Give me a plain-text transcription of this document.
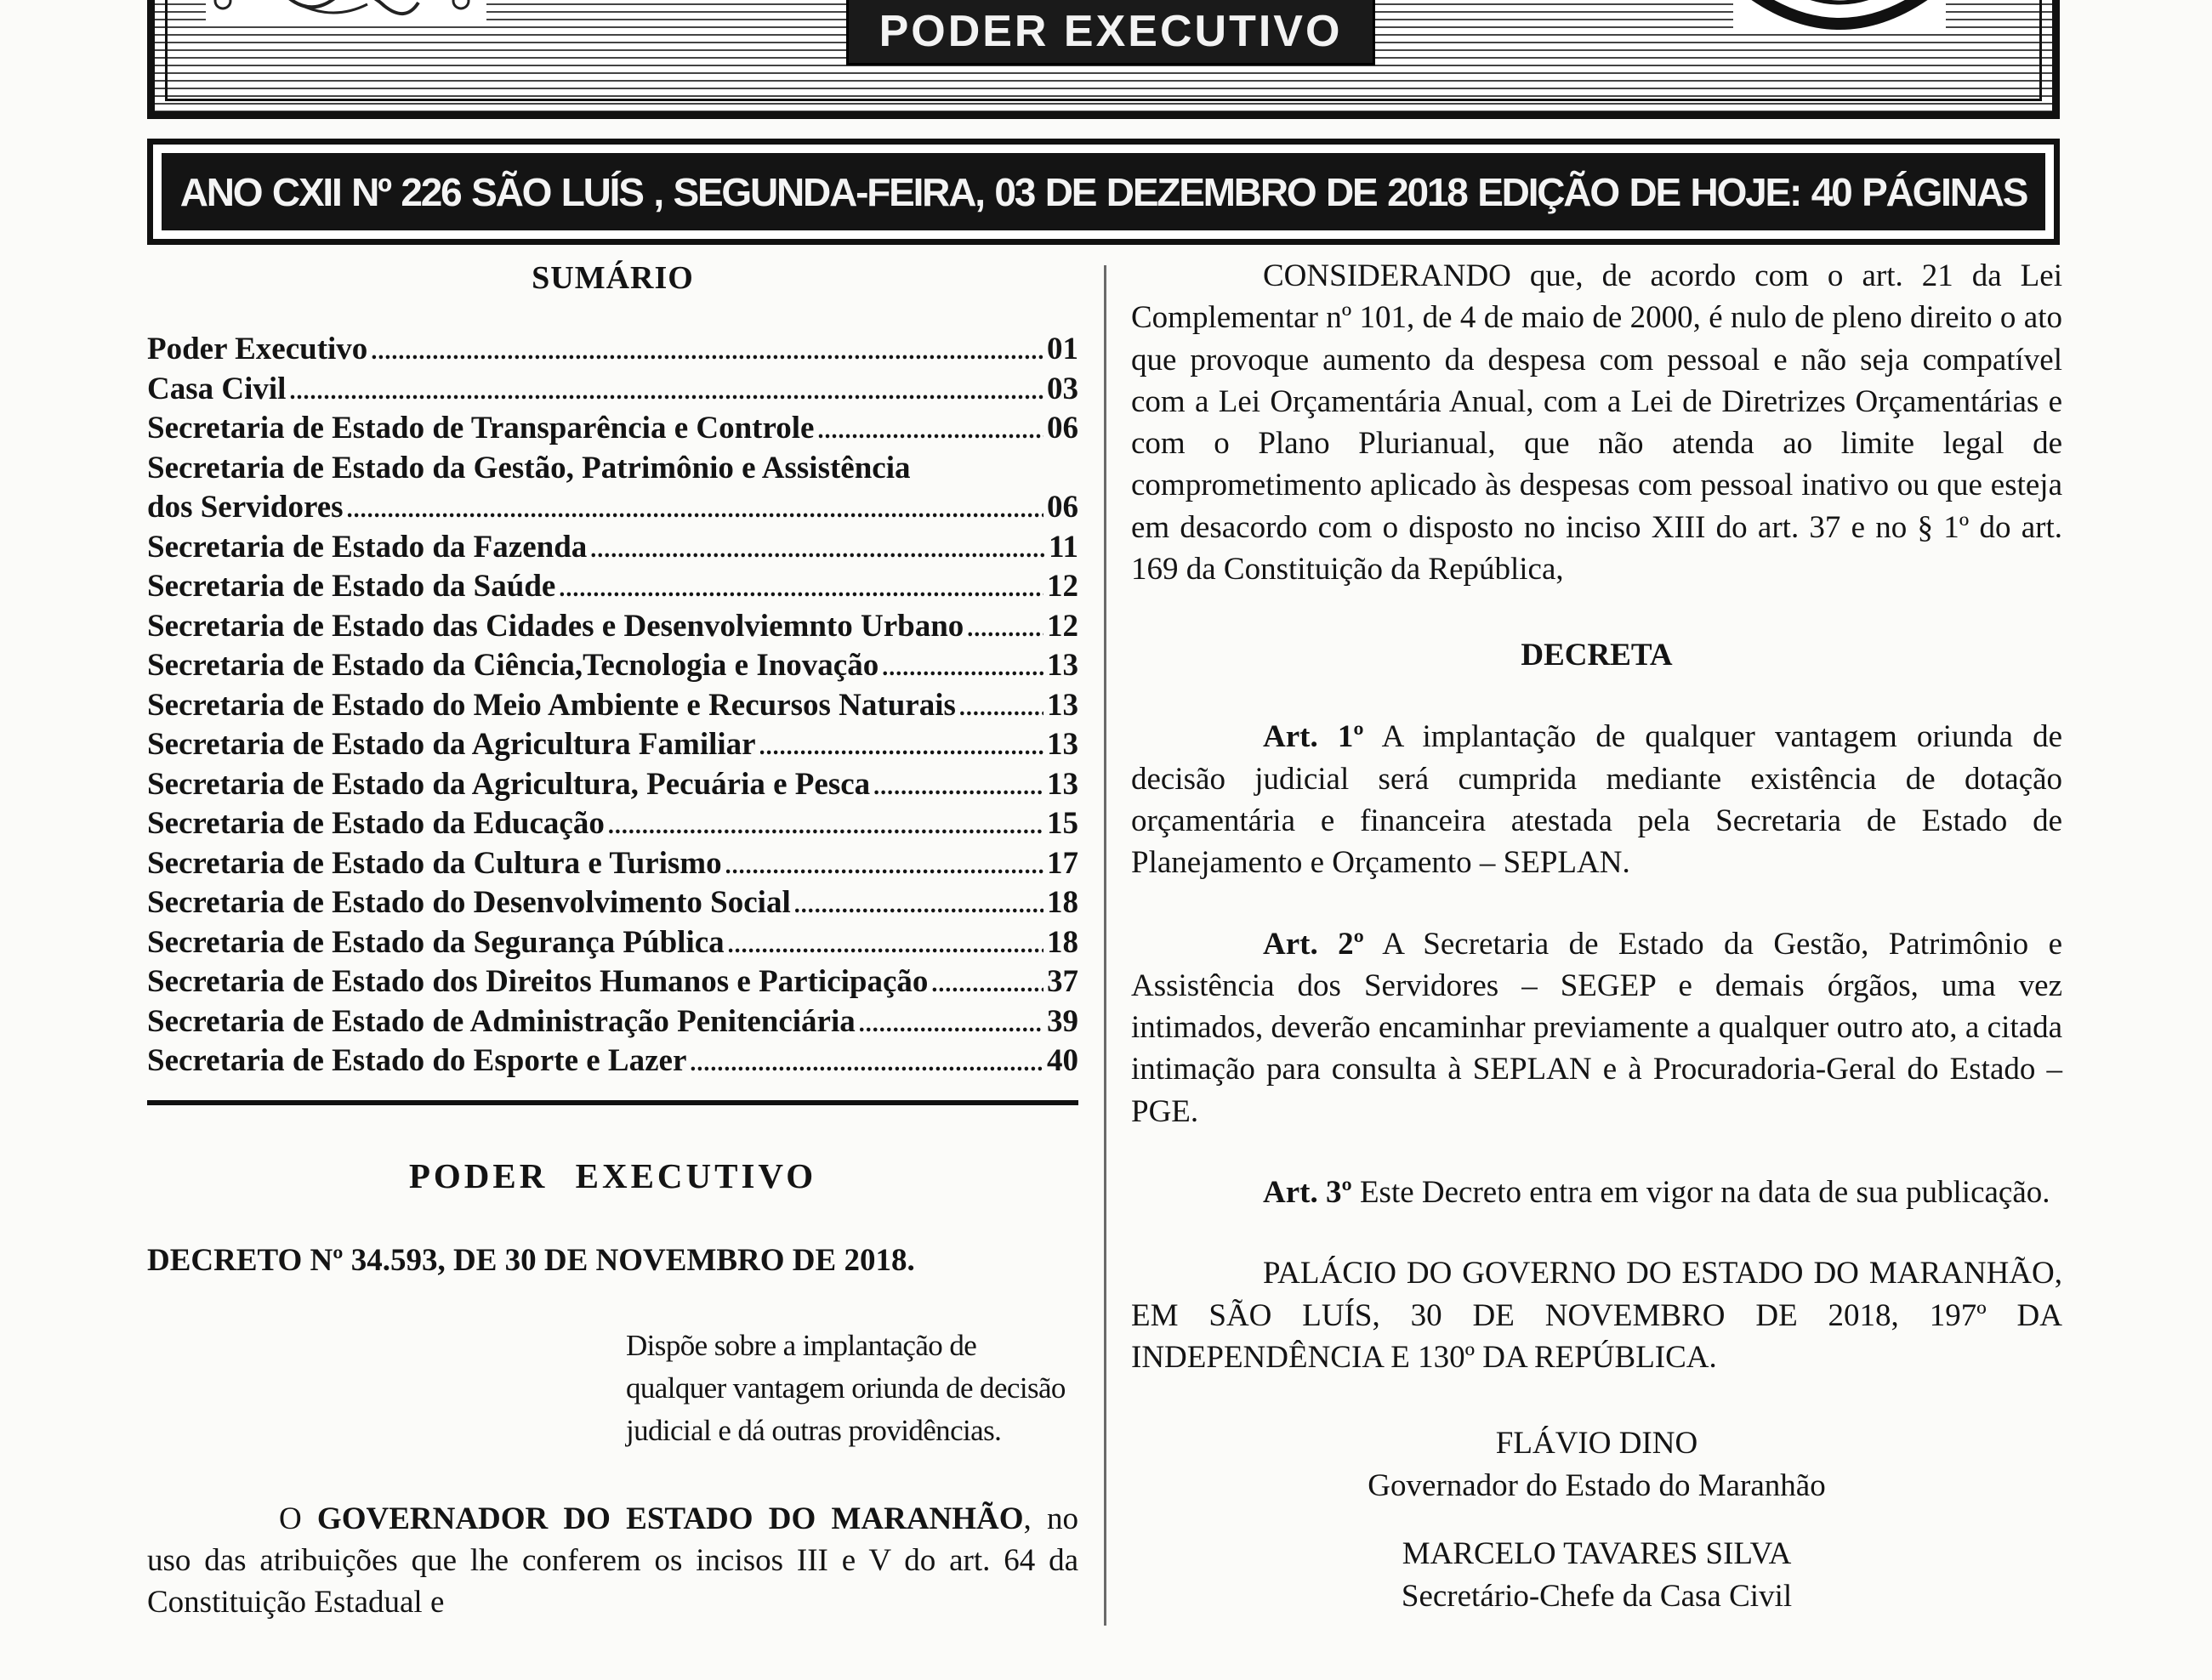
PODER EXECUTIVO
ANO CXII Nº 226 SÃO LUÍS , SEGUNDA-FEIRA, 03 DE DEZEMBRO DE 2018 EDIÇÃO DE HOJE: 40 PÁGINAS
SUMÁRIO
Poder Executivo .....	01
Casa Civil .....	03
Secretaria de Estado de Transparência e Controle .....	06
Secretaria de Estado da Gestão, Patrimônio e Assistência
dos Servidores .....	06
Secretaria de Estado da Fazenda .....	11
Secretaria de Estado da Saúde .....	12
Secretaria de Estado das Cidades e Desenvolviemnto Urbano .....	12
Secretaria de Estado da Ciência,Tecnologia e Inovação .....	13
Secretaria de Estado do Meio Ambiente e Recursos Naturais .....	13
Secretaria de Estado da Agricultura Familiar .....	13
Secretaria de Estado da Agricultura, Pecuária e Pesca .....	13
Secretaria de Estado da Educação .....	15
Secretaria de Estado da Cultura e Turismo .....	17
Secretaria de Estado do Desenvolvimento Social .....	18
Secretaria de Estado da Segurança Pública .....	18
Secretaria de Estado dos Direitos Humanos e Participação .....	37
Secretaria de Estado de Administração Penitenciária .....	39
Secretaria de Estado do Esporte e Lazer .....	40
PODER EXECUTIVO

DECRETO Nº 34.593, DE 30 DE NOVEMBRO DE 2018.

Dispõe sobre a implantação de qualquer vantagem oriunda de decisão judicial e dá outras providências.

O GOVERNADOR DO ESTADO DO MARANHÃO, no uso das atribuições que lhe conferem os incisos III e V do art. 64 da Constituição Estadual e

CONSIDERANDO que, de acordo com o art. 21 da Lei Complementar nº 101, de 4 de maio de 2000, é nulo de pleno direito o ato que provoque aumento da despesa com pessoal e não seja compatível com a Lei Orçamentária Anual, com a Lei de Diretrizes Orçamentárias e com o Plano Plurianual, que não atenda ao limite legal de comprometimento aplicado às despesas com pessoal inativo ou que esteja em desacordo com o disposto no inciso XIII do art. 37 e no § 1º do art. 169 da Constituição da República,

DECRETA

Art. 1º A implantação de qualquer vantagem oriunda de decisão judicial será cumprida mediante existência de dotação orçamentária e financeira atestada pela Secretaria de Estado de Planejamento e Orçamento – SEPLAN.

Art. 2º A Secretaria de Estado da Gestão, Patrimônio e Assistência dos Servidores – SEGEP e demais órgãos, uma vez intimados, deverão encaminhar previamente a qualquer outro ato, a citada intimação para consulta à SEPLAN e à Procuradoria-Geral do Estado – PGE.

Art. 3º Este Decreto entra em vigor na data de sua publicação.

PALÁCIO DO GOVERNO DO ESTADO DO MARANHÃO, EM SÃO LUÍS, 30 DE NOVEMBRO DE 2018, 197º DA INDEPENDÊNCIA E 130º DA REPÚBLICA.

FLÁVIO DINO

Governador do Estado do Maranhão

MARCELO TAVARES SILVA

Secretário-Chefe da Casa Civil
